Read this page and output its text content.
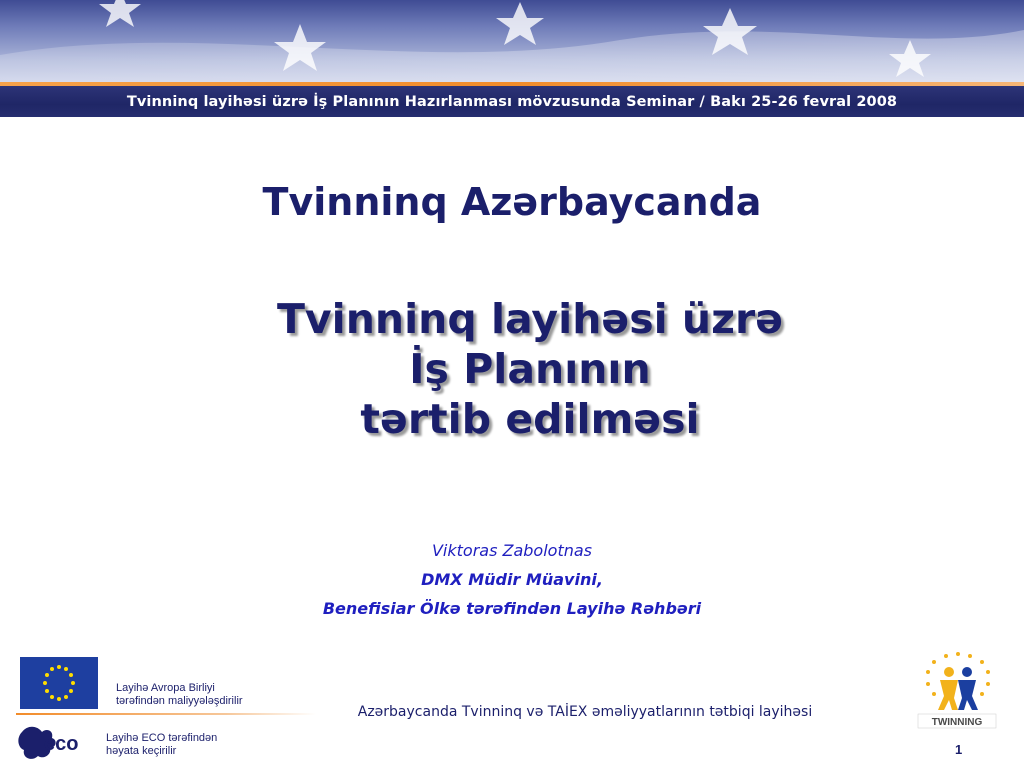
Tvinninq layihəsi üzrə İş Planının Hazırlanması mövzusunda Seminar / Bakı 25-26 fevral 2008
Tvinninq Azərbaycanda
Tvinninq layihəsi üzrə
İş Planının
tərtib edilməsi
Viktoras Zabolotnas
DMX Müdir Müavini,
Benefisiar Ölkə tərəfindən Layihə Rəhbəri
Layihə Avropa Birliyi
tərəfindən maliyyələşdirilir
eco	Layihə ECO tərəfindən
həyata keçirilir
Azərbaycanda Tvinninq və TAİEX əməliyyatlarının tətbiqi layihəsi
TWINNING
1
